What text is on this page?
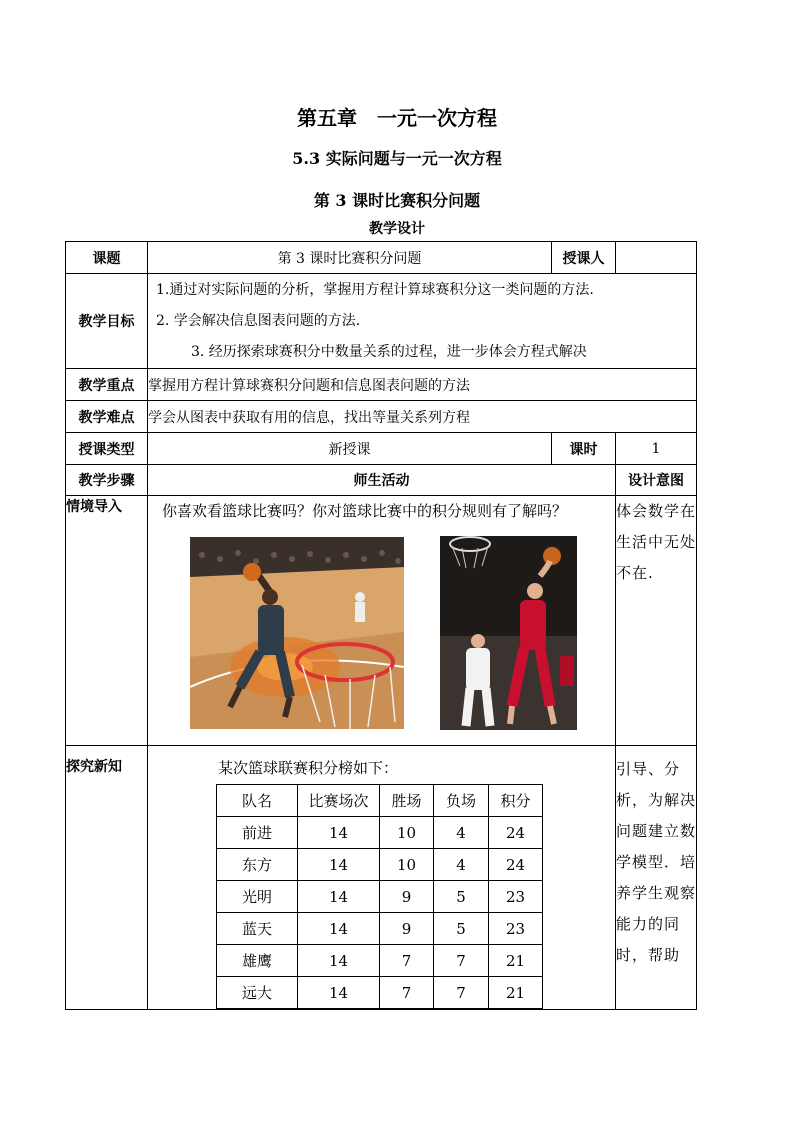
第五章　一元一次方程
5.3 实际问题与一元一次方程
第 3 课时比赛积分问题
教学设计
课题	第 3 课时比赛积分问题	授课人	
教学目标	
1.通过对实际问题的分析，掌握用方程计算球赛积分这一类问题的方法.
2. 学会解决信息图表问题的方法.
3. 经历探索球赛积分中数量关系的过程，进一步体会方程式解决

教学重点	掌握用方程计算球赛积分问题和信息图表问题的方法
教学难点	学会从图表中获取有用的信息，找出等量关系列方程
授课类型	新授课	课时	1
教学步骤	师生活动	设计意图
情境导入	你喜欢看篮球比赛吗？你对篮球比赛中的积分规则有了解吗？	体会数学在生活中无处不在.
探究新知	某次篮球联赛积分榜如下：
队名	比赛场次	胜场	负场	积分
前进	14	10	4	24
东方	14	10	4	24
光明	14	9	5	23
蓝天	14	9	5	23
雄鹰	14	7	7	21
远大	14	7	7	21
	引导、分析，为解决问题建立数学模型．培养学生观察能力的同时，帮助
